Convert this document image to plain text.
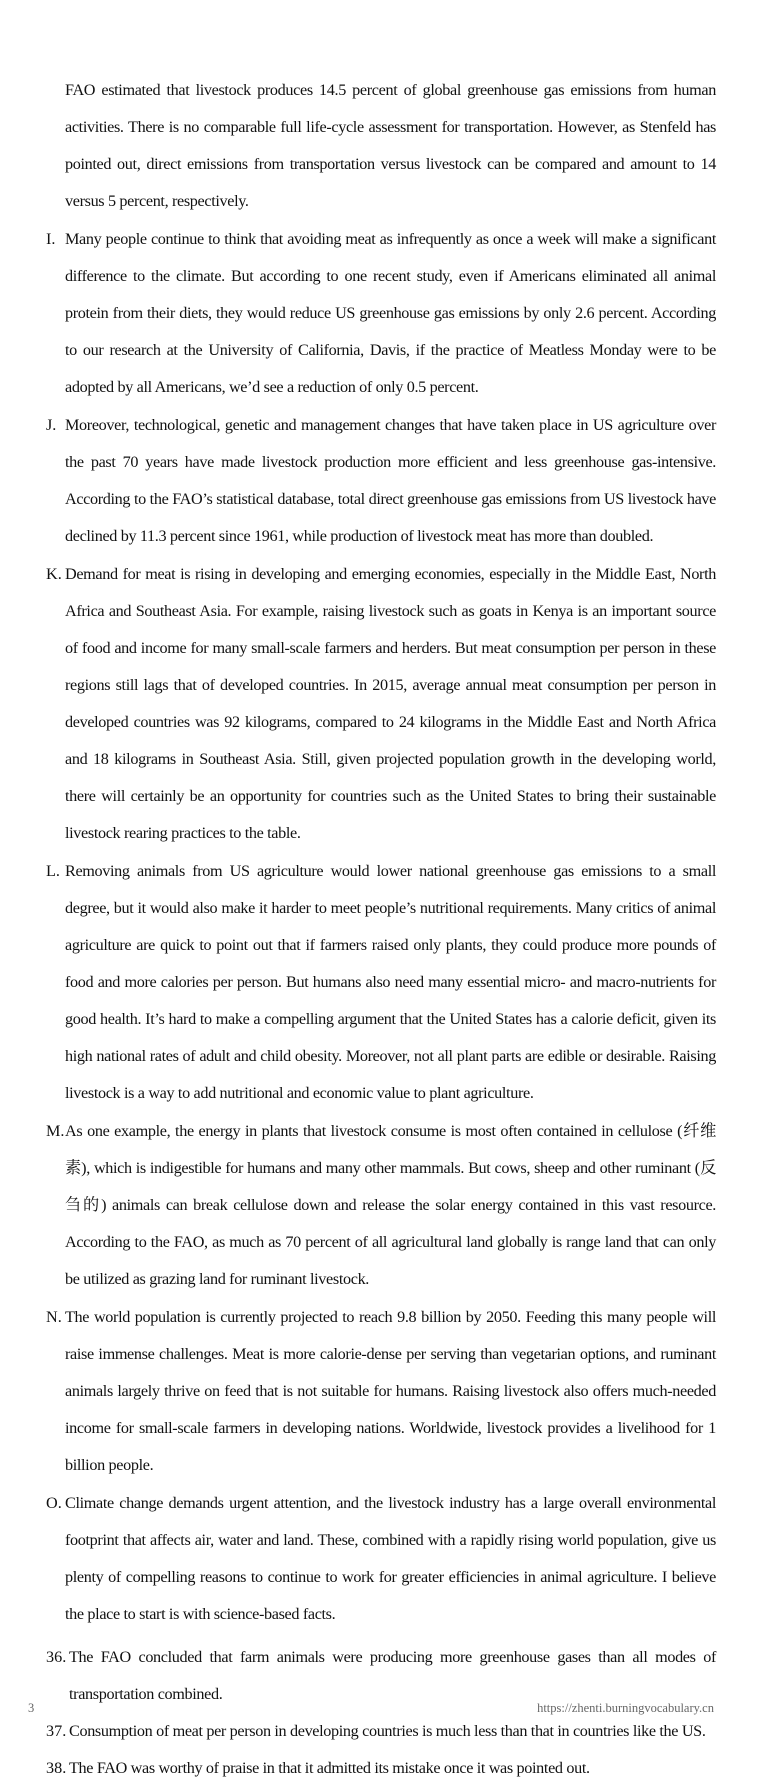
FAO estimated that livestock produces 14.5 percent of global greenhouse gas emissions from human activities. There is no comparable full life-cycle assessment for transportation. However, as Stenfeld has pointed out, direct emissions from transportation versus livestock can be compared and amount to 14 versus 5 percent, respectively.
I. Many people continue to think that avoiding meat as infrequently as once a week will make a significant difference to the climate. But according to one recent study, even if Americans eliminated all animal protein from their diets, they would reduce US greenhouse gas emissions by only 2.6 percent. According to our research at the University of California, Davis, if the practice of Meatless Monday were to be adopted by all Americans, we’d see a reduction of only 0.5 percent.
J. Moreover, technological, genetic and management changes that have taken place in US agriculture over the past 70 years have made livestock production more efficient and less greenhouse gas-intensive. According to the FAO’s statistical database, total direct greenhouse gas emissions from US livestock have declined by 11.3 percent since 1961, while production of livestock meat has more than doubled.
K. Demand for meat is rising in developing and emerging economies, especially in the Middle East, North Africa and Southeast Asia. For example, raising livestock such as goats in Kenya is an important source of food and income for many small-scale farmers and herders. But meat consumption per person in these regions still lags that of developed countries. In 2015, average annual meat consumption per person in developed countries was 92 kilograms, compared to 24 kilograms in the Middle East and North Africa and 18 kilograms in Southeast Asia. Still, given projected population growth in the developing world, there will certainly be an opportunity for countries such as the United States to bring their sustainable livestock rearing practices to the table.
L. Removing animals from US agriculture would lower national greenhouse gas emissions to a small degree, but it would also make it harder to meet people’s nutritional requirements. Many critics of animal agriculture are quick to point out that if farmers raised only plants, they could produce more pounds of food and more calories per person. But humans also need many essential micro- and macro-nutrients for good health. It’s hard to make a compelling argument that the United States has a calorie deficit, given its high national rates of adult and child obesity. Moreover, not all plant parts are edible or desirable. Raising livestock is a way to add nutritional and economic value to plant agriculture.
M. As one example, the energy in plants that livestock consume is most often contained in cellulose (纤维素), which is indigestible for humans and many other mammals. But cows, sheep and other ruminant (反刍的) animals can break cellulose down and release the solar energy contained in this vast resource. According to the FAO, as much as 70 percent of all agricultural land globally is range land that can only be utilized as grazing land for ruminant livestock.
N. The world population is currently projected to reach 9.8 billion by 2050. Feeding this many people will raise immense challenges. Meat is more calorie-dense per serving than vegetarian options, and ruminant animals largely thrive on feed that is not suitable for humans. Raising livestock also offers much-needed income for small-scale farmers in developing nations. Worldwide, livestock provides a livelihood for 1 billion people.
O. Climate change demands urgent attention, and the livestock industry has a large overall environmental footprint that affects air, water and land. These, combined with a rapidly rising world population, give us plenty of compelling reasons to continue to work for greater efficiencies in animal agriculture. I believe the place to start is with science-based facts.
36. The FAO concluded that farm animals were producing more greenhouse gases than all modes of transportation combined.
37. Consumption of meat per person in developing countries is much less than that in countries like the US.
38. The FAO was worthy of praise in that it admitted its mistake once it was pointed out.
3	https://zhenti.burningvocabulary.cn
